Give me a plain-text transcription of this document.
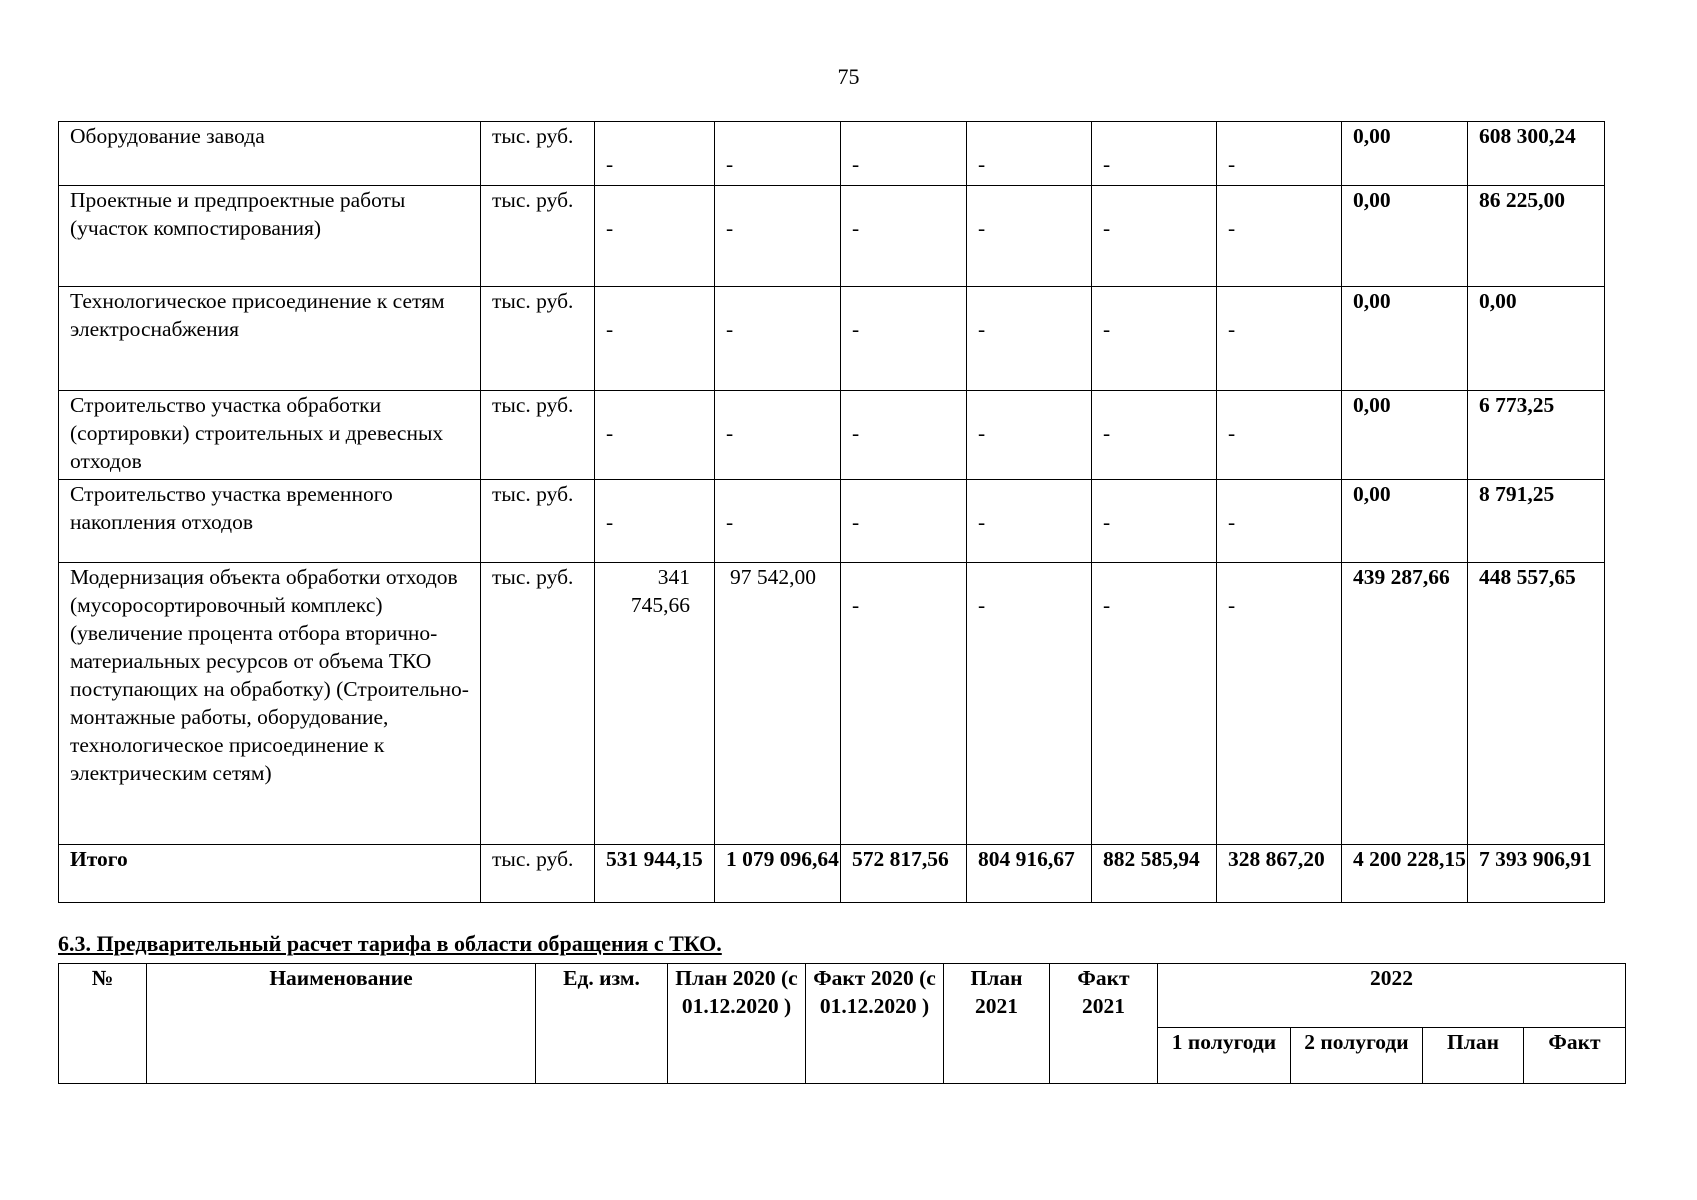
75
Оборудование завода	тыс. руб.	-	-	-	-	-	-	0,00	608 300,24
Проектные и предпроектные работы (участок компостирования)	тыс. руб.	-	-	-	-	-	-	0,00	86 225,00
Технологическое присоединение к сетям электроснабжения	тыс. руб.	-	-	-	-	-	-	0,00	0,00
Строительство участка обработки (сортировки) строительных и древесных отходов	тыс. руб.	-	-	-	-	-	-	0,00	6 773,25
Строительство участка временного накопления отходов	тыс. руб.	-	-	-	-	-	-	0,00	8 791,25
Модернизация объекта обработки отходов (мусоросортировочный комплекс) (увеличение процента отбора вторично-материальных ресурсов от объема ТКО поступающих на обработку) (Строительно-монтажные работы, оборудование, технологическое присоединение к электрическим сетям)	тыс. руб.	341 745,66	97 542,00	-	-	-	-	439 287,66	448 557,65
Итого	тыс. руб.	531 944,15	1 079 096,64	572 817,56	804 916,67	882 585,94	328 867,20	4 200 228,15	7 393 906,91
6.3. Предварительный расчет тарифа в области обращения с ТКО.
№	Наименование	Ед. изм.	План 2020 (с 01.12.2020 )	Факт 2020 (с 01.12.2020 )	План 2021	Факт 2021	2022			
							1 полугоди	2 полугоди	План	Факт
